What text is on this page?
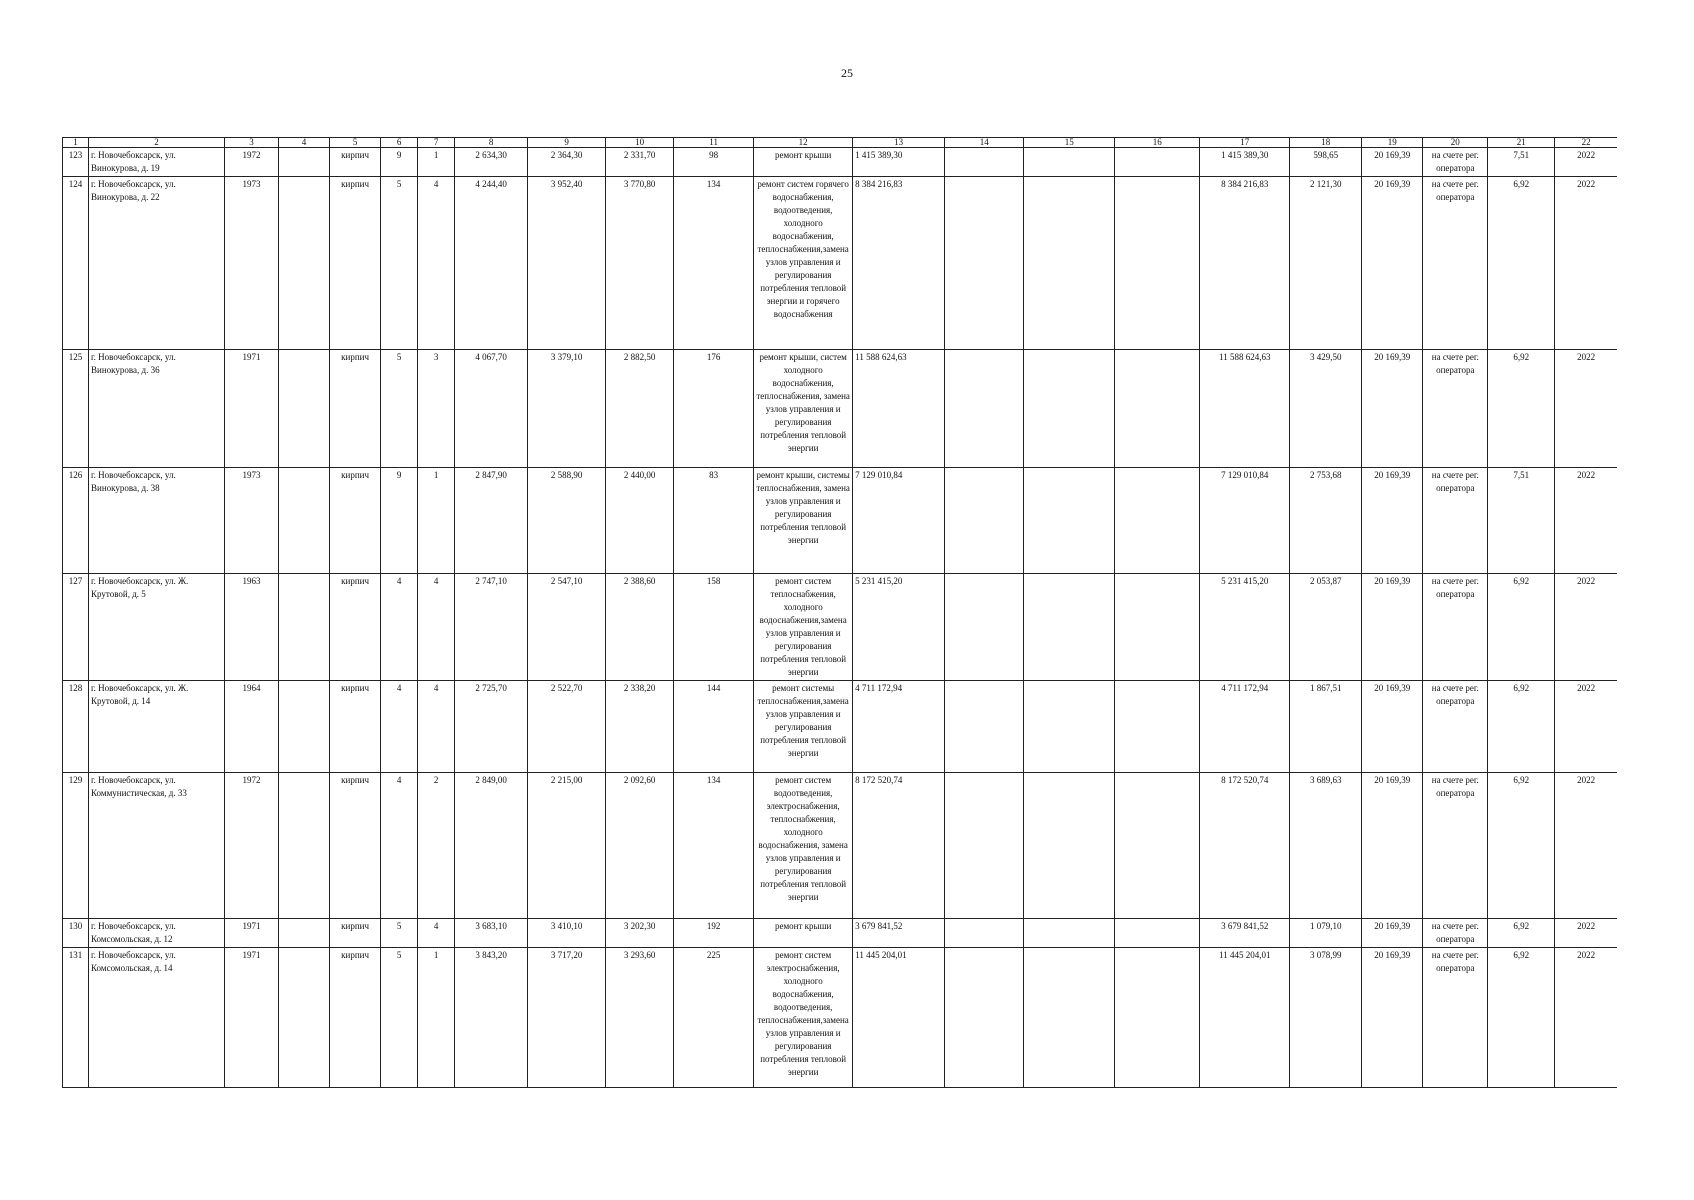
25
1	2	3	4	5	6	7	8	9	10	11	12	13	14	15	16	17	18	19	20	21	22
123	г. Новочебоксарск, ул. Винокурова, д. 19	1972		кирпич	9	1	2 634,30	2 364,30	2 331,70	98	ремонт крыши	1 415 389,30				1 415 389,30	598,65	20 169,39	на счете рег. оператора	7,51	2022
124	г. Новочебоксарск, ул. Винокурова, д. 22	1973		кирпич	5	4	4 244,40	3 952,40	3 770,80	134	ремонт систем горячего водоснабжения, водоотведения, холодного водоснабжения, теплоснабжения,замена узлов управления и регулирования потребления тепловой энергии и горячего водоснабжения	8 384 216,83				8 384 216,83	2 121,30	20 169,39	на счете рег. оператора	6,92	2022
125	г. Новочебоксарск, ул. Винокурова, д. 36	1971		кирпич	5	3	4 067,70	3 379,10	2 882,50	176	ремонт крыши, систем холодного водоснабжения, теплоснабжения, замена узлов управления и регулирования потребления тепловой энергии	11 588 624,63				11 588 624,63	3 429,50	20 169,39	на счете рег. оператора	6,92	2022
126	г. Новочебоксарск, ул. Винокурова, д. 38	1973		кирпич	9	1	2 847,90	2 588,90	2 440,00	83	ремонт крыши, системы теплоснабжения, замена узлов управления и регулирования потребления тепловой энергии	7 129 010,84				7 129 010,84	2 753,68	20 169,39	на счете рег. оператора	7,51	2022
127	г. Новочебоксарск, ул. Ж. Крутовой, д. 5	1963		кирпич	4	4	2 747,10	2 547,10	2 388,60	158	ремонт систем теплоснабжения, холодного водоснабжения,замена узлов управления и регулирования потребления тепловой энергии	5 231 415,20				5 231 415,20	2 053,87	20 169,39	на счете рег. оператора	6,92	2022
128	г. Новочебоксарск, ул. Ж. Крутовой, д. 14	1964		кирпич	4	4	2 725,70	2 522,70	2 338,20	144	ремонт системы теплоснабжения,замена узлов управления и регулирования потребления тепловой энергии	4 711 172,94				4 711 172,94	1 867,51	20 169,39	на счете рег. оператора	6,92	2022
129	г. Новочебоксарск, ул. Коммунистическая, д. 33	1972		кирпич	4	2	2 849,00	2 215,00	2 092,60	134	ремонт систем водоотведения, электроснабжения, теплоснабжения, холодного водоснабжения, замена узлов управления и регулирования потребления тепловой энергии	8 172 520,74				8 172 520,74	3 689,63	20 169,39	на счете рег. оператора	6,92	2022
130	г. Новочебоксарск, ул. Комсомольская, д. 12	1971		кирпич	5	4	3 683,10	3 410,10	3 202,30	192	ремонт крыши	3 679 841,52				3 679 841,52	1 079,10	20 169,39	на счете рег. оператора	6,92	2022
131	г. Новочебоксарск, ул. Комсомольская, д. 14	1971		кирпич	5	1	3 843,20	3 717,20	3 293,60	225	ремонт систем электроснабжения, холодного водоснабжения, водоотведения, теплоснабжения,замена узлов управления и регулирования потребления тепловой энергии	11 445 204,01				11 445 204,01	3 078,99	20 169,39	на счете рег. оператора	6,92	2022
